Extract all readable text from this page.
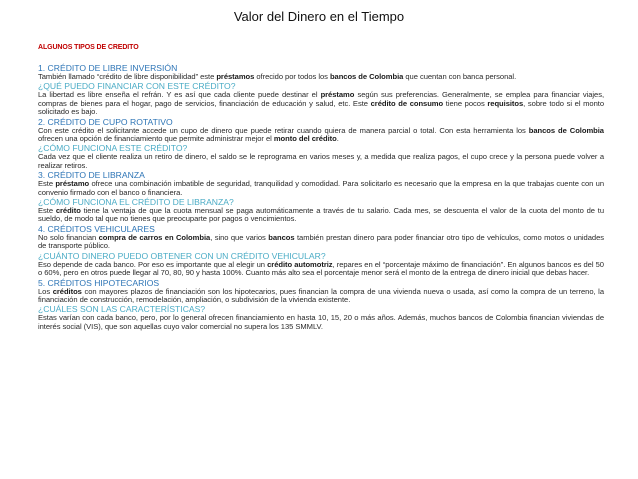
Valor del Dinero en el Tiempo
ALGUNOS TIPOS DE CREDITO

1. CRÉDITO DE LIBRE INVERSIÓN

También llamado “crédito de libre disponibilidad” este préstamos ofrecido por todos los bancos de Colombia que cuentan con banca personal.

¿QUÉ PUEDO FINANCIAR CON ESTE CRÉDITO?

La libertad es libre enseña el refrán. Y es así que cada cliente puede destinar el préstamo según sus preferencias. Generalmente, se emplea para financiar viajes, compras de bienes para el hogar, pago de servicios, financiación de educación y salud, etc. Este crédito de consumo tiene pocos requisitos, sobre todo si el monto solicitado es bajo.

2. CRÉDITO DE CUPO ROTATIVO

Con este crédito el solicitante accede un cupo de dinero que puede retirar cuando quiera de manera parcial o total. Con esta herramienta los bancos de Colombia ofrecen una opción de financiamiento que permite administrar mejor el monto del crédito.

¿CÓMO FUNCIONA ESTE CRÉDITO?

Cada vez que el cliente realiza un retiro de dinero, el saldo se le reprograma en varios meses y, a medida que realiza pagos, el cupo crece y la persona puede volver a realizar retiros.

3. CRÉDITO DE LIBRANZA

Este préstamo ofrece una combinación imbatible de seguridad, tranquilidad y comodidad. Para solicitarlo es necesario que la empresa en la que trabajas cuente con un convenio firmado con el banco o financiera.

¿CÓMO FUNCIONA EL CRÉDITO DE LIBRANZA?

Este crédito tiene la ventaja de que la cuota mensual se paga automáticamente a través de tu salario. Cada mes, se descuenta el valor de la cuota del monto de tu sueldo, de modo tal que no tienes que preocuparte por pagos o vencimientos.

4. CRÉDITOS VEHICULARES

No solo financian compra de carros en Colombia, sino que varios bancos también prestan dinero para poder financiar otro tipo de vehículos, como motos o unidades de transporte público.

¿CUÁNTO DINERO PUEDO OBTENER CON UN CRÉDITO VEHICULAR?

Eso depende de cada banco. Por eso es importante que al elegir un crédito automotriz, repares en el “porcentaje máximo de financiación”. En algunos bancos es del 50 o 60%, pero en otros puede llegar al 70, 80, 90 y hasta 100%. Cuanto más alto sea el porcentaje menor será el monto de la entrega de dinero inicial que debas hacer.

5. CRÉDITOS HIPOTECARIOS

Los créditos con mayores plazos de financiación son los hipotecarios, pues financian la compra de una vivienda nueva o usada, así como la compra de un terreno, la financiación de construcción, remodelación, ampliación, o subdivisión de la vivienda existente.

¿CUÁLES SON LAS CARACTERÍSTICAS?

Estas varían con cada banco, pero, por lo general ofrecen financiamiento en hasta 10, 15, 20 o más años. Además, muchos bancos de Colombia financian viviendas de interés social (VIS), que son aquellas cuyo valor comercial no supera los 135 SMMLV.
